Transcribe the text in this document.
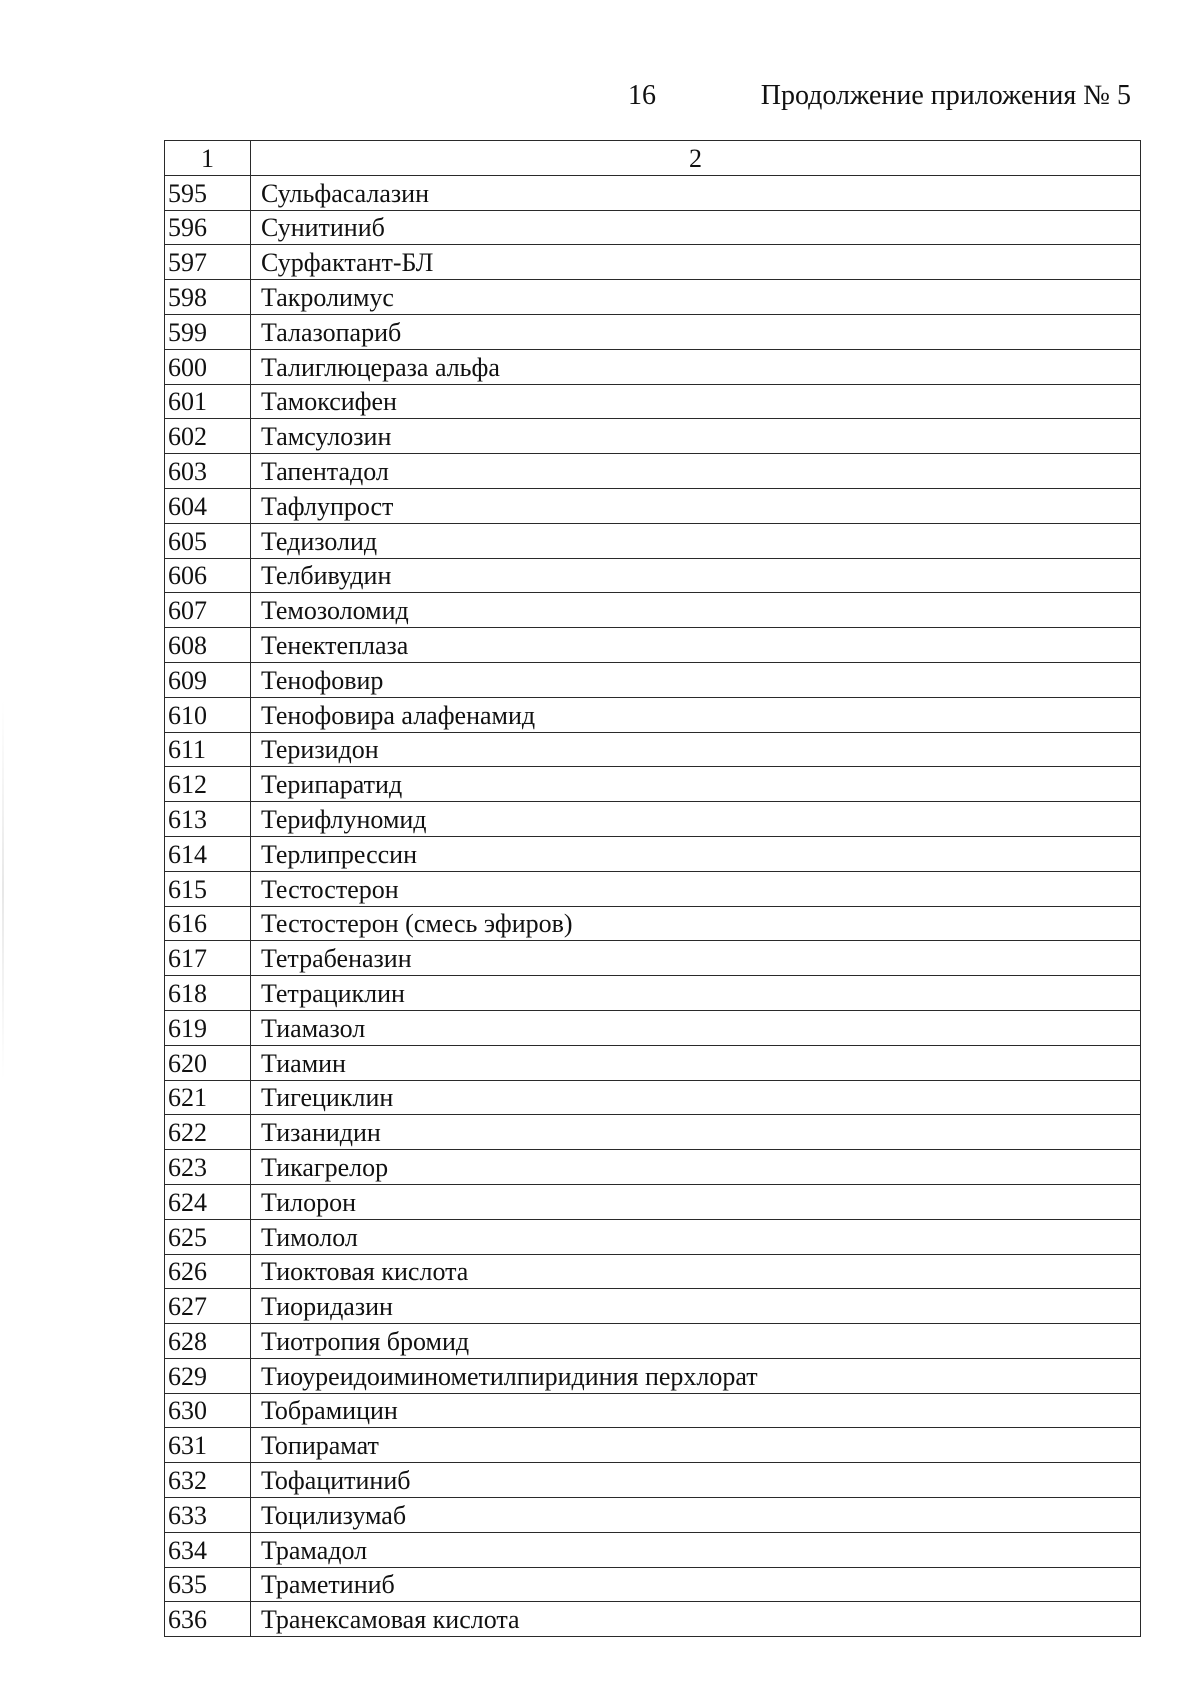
16	Продолжение приложения № 5
1	2
595	Сульфасалазин
596	Сунитиниб
597	Сурфактант-БЛ
598	Такролимус
599	Талазопариб
600	Талиглюцераза альфа
601	Тамоксифен
602	Тамсулозин
603	Тапентадол
604	Тафлупрост
605	Тедизолид
606	Телбивудин
607	Темозоломид
608	Тенектеплаза
609	Тенофовир
610	Тенофовира алафенамид
611	Теризидон
612	Терипаратид
613	Терифлуномид
614	Терлипрессин
615	Тестостерон
616	Тестостерон (смесь эфиров)
617	Тетрабеназин
618	Тетрациклин
619	Тиамазол
620	Тиамин
621	Тигециклин
622	Тизанидин
623	Тикагрелор
624	Тилорон
625	Тимолол
626	Тиоктовая кислота
627	Тиоридазин
628	Тиотропия бромид
629	Тиоуреидоиминометилпиридиния перхлорат
630	Тобрамицин
631	Топирамат
632	Тофацитиниб
633	Тоцилизумаб
634	Трамадол
635	Траметиниб
636	Транексамовая кислота
